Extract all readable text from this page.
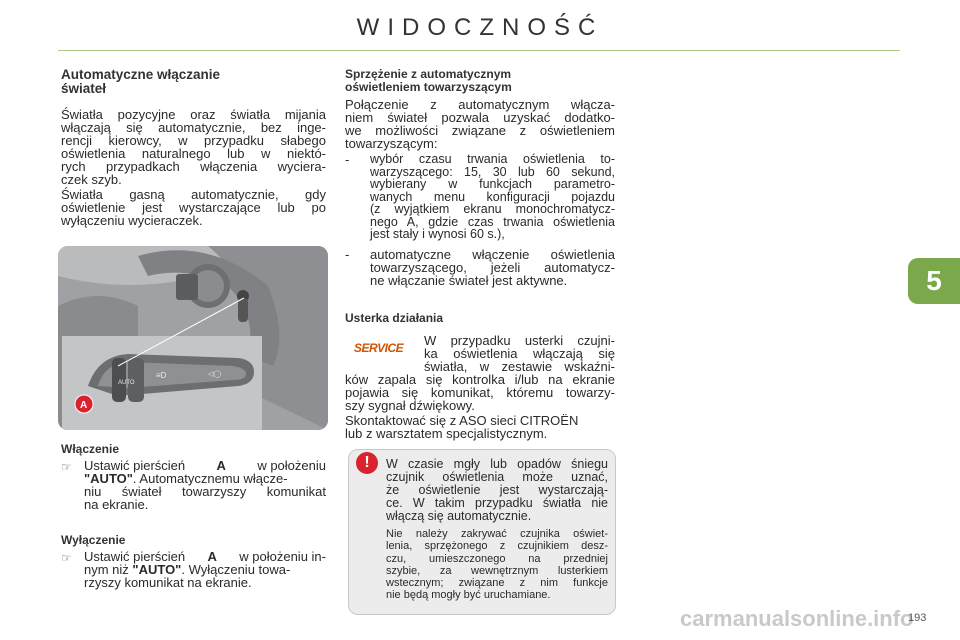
WIDOCZNOŚĆ
5
Automatyczne włączanie
świateł
Światła pozycyjne oraz światła mijania
włączają się automatycznie, bez inge-
rencji kierowcy, w przypadku słabego
oświetlenia naturalnego lub w niektó-
rych przypadkach włączenia wyciera-
czek szyb.
Światła gasną automatycznie, gdy
oświetlenie jest wystarczające lub po
wyłączeniu wycieraczek.
AUTO
≡D	◁◯
A
Włączenie
☞ Ustawić pierścień A w położeniu
"AUTO". Automatycznemu włącze-
niu świateł towarzyszy komunikat
na ekranie.
Wyłączenie
☞ Ustawić pierścień A w położeniu in-
nym niż "AUTO". Wyłączeniu towa-
rzyszy komunikat na ekranie.
Sprzężenie z automatycznym
oświetleniem towarzyszącym
Połączenie z automatycznym włącza-
niem świateł pozwala uzyskać dodatko-
we możliwości związane z oświetleniem
towarzyszącym:
- wybór czasu trwania oświetlenia to-
warzyszącego: 15, 30 lub 60 sekund,
wybierany w funkcjach parametro-
wanych menu konfiguracji pojazdu
(z wyjątkiem ekranu monochromatycz-
nego A, gdzie czas trwania oświetlenia
jest stały i wynosi 60 s.),
- automatyczne włączenie oświetlenia
towarzyszącego, jeżeli automatycz-
ne włączanie świateł jest aktywne.
Usterka działania
SERVICE W przypadku usterki czujni-
ka oświetlenia włączają się
światła, w zestawie wskaźni-
ków zapala się kontrolka i/lub na ekranie
pojawia się komunikat, któremu towarzy-
szy sygnał dźwiękowy.
Skontaktować się z ASO sieci CITROËN
lub z warsztatem specjalistycznym.
!	W czasie mgły lub opadów śniegu
czujnik oświetlenia może uznać,
że oświetlenie jest wystarczają-
ce. W takim przypadku światła nie
włączą się automatycznie.
Nie należy zakrywać czujnika oświet-
lenia, sprzężonego z czujnikiem desz-
czu, umieszczonego na przedniej
szybie, za wewnętrznym lusterkiem
wstecznym; związane z nim funkcje
nie będą mogły być uruchamiane.
carmanualsonline.info
193
